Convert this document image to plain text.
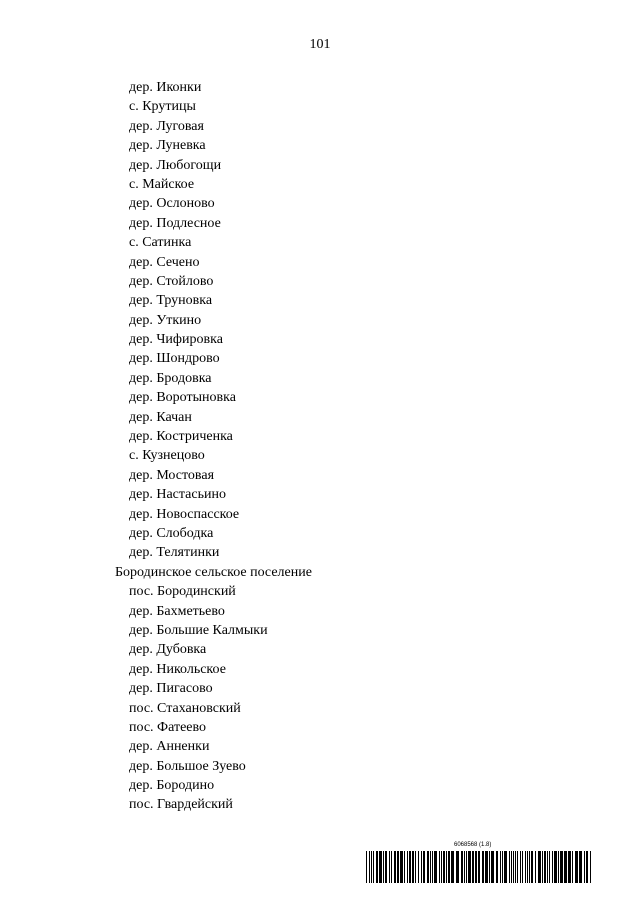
101
дер. Иконки
с. Крутицы
дер. Луговая
дер. Луневка
дер. Любогощи
с. Майское
дер. Ослоново
дер. Подлесное
с. Сатинка
дер. Сечено
дер. Стойлово
дер. Труновка
дер. Уткино
дер. Чифировка
дер. Шондрово
дер. Бродовка
дер. Воротыновка
дер. Качан
дер. Костриченка
с. Кузнецово
дер. Мостовая
дер. Настасьино
дер. Новоспасское
дер. Слободка
дер. Телятинки
Бородинское сельское поселение
пос. Бородинский
дер. Бахметьево
дер. Большие Калмыки
дер. Дубовка
дер. Никольское
дер. Пигасово
пос. Стахановский
пос. Фатеево
дер. Анненки
дер. Большое Зуево
дер. Бородино
пос. Гвардейский
6068568 (1.8)
